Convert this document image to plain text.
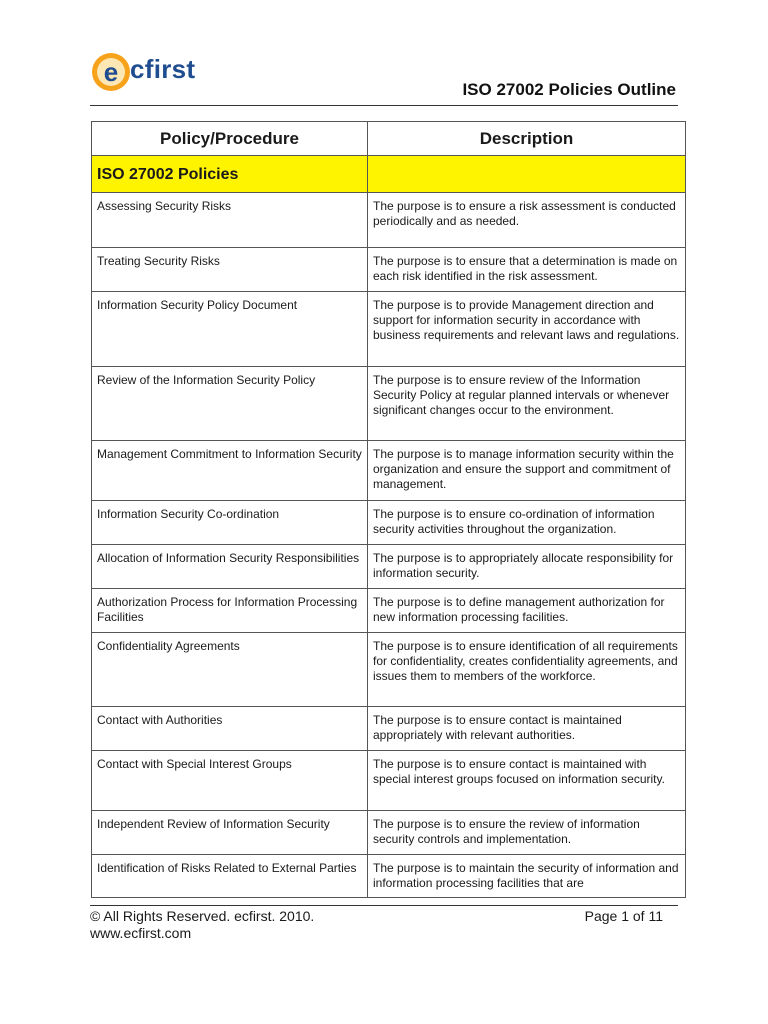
e cfirst
ISO 27002 Policies Outline
Policy/Procedure	Description
ISO 27002 Policies	
Assessing Security Risks	The purpose is to ensure a risk assessment is conducted periodically and as needed.
Treating Security Risks	The purpose is to ensure that a determination is made on each risk identified in the risk assessment.
Information Security Policy Document	The purpose is to provide Management direction and support for information security in accordance with business requirements and relevant laws and regulations.
Review of the Information Security Policy	The purpose is to ensure review of the Information Security Policy at regular planned intervals or whenever significant changes occur to the environment.
Management Commitment to Information Security	The purpose is to manage information security within the organization and ensure the support and commitment of management.
Information Security Co-ordination	The purpose is to ensure co-ordination of information security activities throughout the organization.
Allocation of Information Security Responsibilities	The purpose is to appropriately allocate responsibility for information security.
Authorization Process for Information Processing Facilities	The purpose is to define management authorization for new information processing facilities.
Confidentiality Agreements	The purpose is to ensure identification of all requirements for confidentiality, creates confidentiality agreements, and issues them to members of the workforce.
Contact with Authorities	The purpose is to ensure contact is maintained appropriately with relevant authorities.
Contact with Special Interest Groups	The purpose is to ensure contact is maintained with special interest groups focused on information security.
Independent Review of Information Security	The purpose is to ensure the review of information security controls and implementation.
Identification of Risks Related to External Parties	The purpose is to maintain the security of information and information processing facilities that are
© All Rights Reserved. ecfirst. 2010.
www.ecfirst.com
Page 1 of 11
